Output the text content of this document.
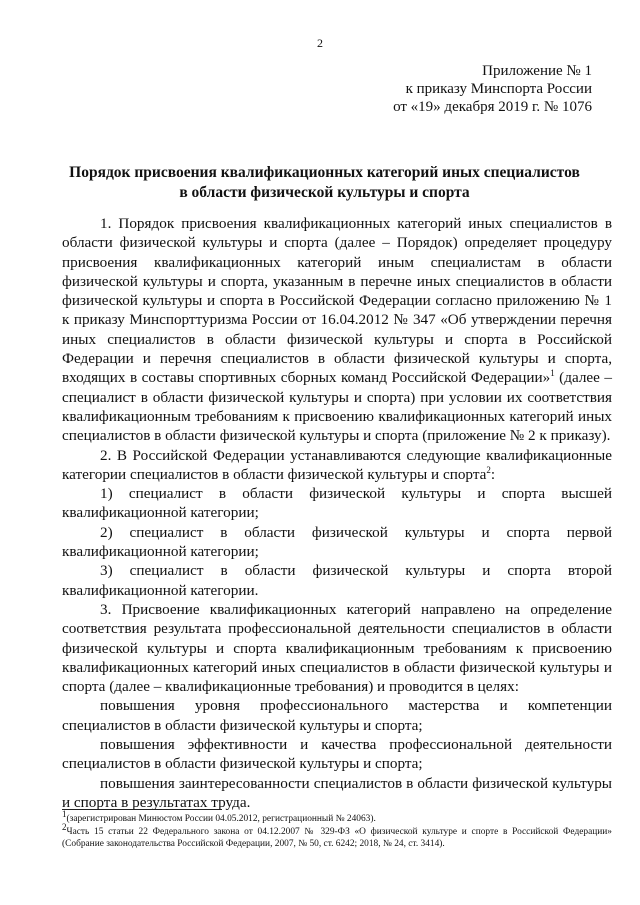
2
Приложение № 1
к приказу Минспорта России
от «19» декабря 2019 г. № 1076
Порядок присвоения квалификационных категорий иных специалистов
в области физической культуры и спорта

1. Порядок присвоения квалификационных категорий иных специалистов в области физической культуры и спорта (далее – Порядок) определяет процедуру присвоения квалификационных категорий иным специалистам в области физической культуры и спорта, указанным в перечне иных специалистов в области физической культуры и спорта в Российской Федерации согласно приложению № 1 к приказу Минспорттуризма России от 16.04.2012 № 347 «Об утверждении перечня иных специалистов в области физической культуры и спорта в Российской Федерации и перечня специалистов в области физической культуры и спорта, входящих в составы спортивных сборных команд Российской Федерации»$^1$ (далее – специалист в области физической культуры и спорта) при условии их соответствия квалификационным требованиям к присвоению квалификационных категорий иных специалистов в области физической культуры и спорта (приложение № 2 к приказу).

2. В Российской Федерации устанавливаются следующие квалификационные категории специалистов в области физической культуры и спорта$^2$:

1) специалист в области физической культуры и спорта высшей квалификационной категории;

2) специалист в области физической культуры и спорта первой квалификационной категории;

3) специалист в области физической культуры и спорта второй квалификационной категории.

3. Присвоение квалификационных категорий направлено на определение соответствия результата профессиональной деятельности специалистов в области физической культуры и спорта квалификационным требованиям к присвоению квалификационных категорий иных специалистов в области физической культуры и спорта (далее – квалификационные требования) и проводится в целях:

повышения уровня профессионального мастерства и компетенции специалистов в области физической культуры и спорта;

повышения эффективности и качества профессиональной деятельности специалистов в области физической культуры и спорта;

повышения заинтересованности специалистов в области физической культуры и спорта в результатах труда.

$^1$(зарегистрирован Минюстом России 04.05.2012, регистрационный № 24063).

$^2$Часть 15 статьи 22 Федерального закона от 04.12.2007 № 329-ФЗ «О физической культуре и спорте в Российской Федерации» (Собрание законодательства Российской Федерации, 2007, № 50, ст. 6242; 2018, № 24, ст. 3414).
